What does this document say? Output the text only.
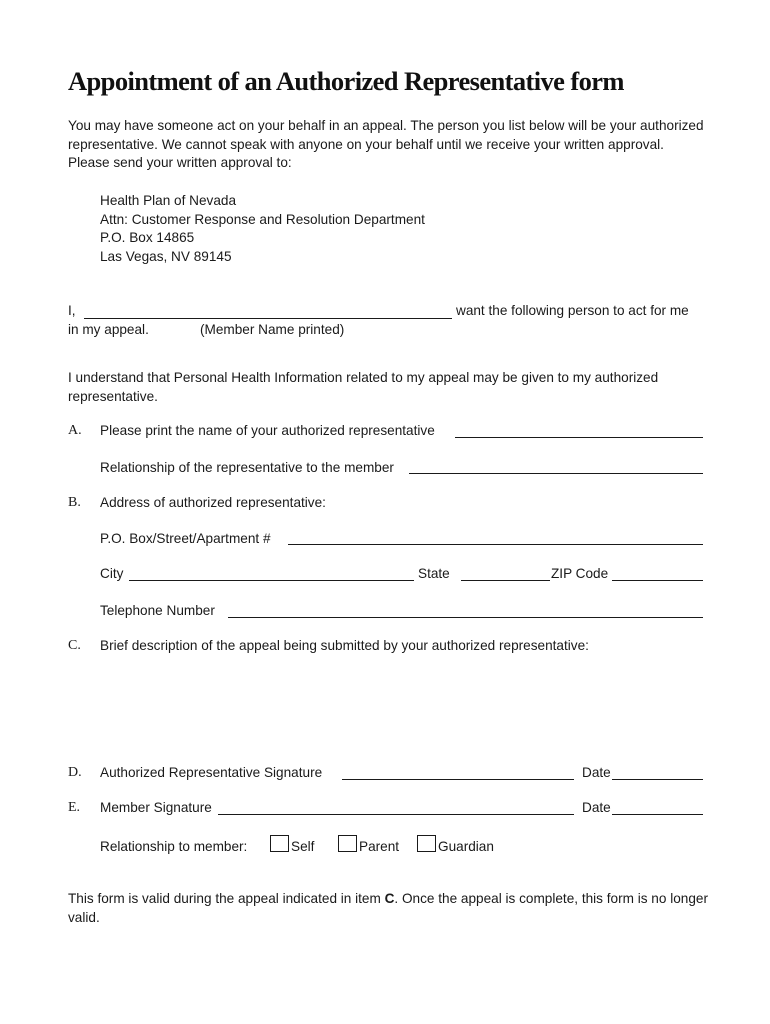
Appointment of an Authorized Representative form

You may have someone act on your behalf in an appeal. The person you list below will be your authorized representative. We cannot speak with anyone on your behalf until we receive your written approval. Please send your written approval to:

Health Plan of Nevada
Attn: Customer Response and Resolution Department
P.O. Box 14865
Las Vegas, NV 89145
I,	want the following person to act for me
in my appeal.	(Member Name printed)

I understand that Personal Health Information related to my appeal may be given to my authorized representative.

A. Please print the name of your authorized representative
Relationship of the representative to the member
B. Address of authorized representative:
P.O. Box/Street/Apartment #
City	State	ZIP Code
Telephone Number
C. Brief description of the appeal being submitted by your authorized representative:
D. Authorized Representative Signature	Date
E. Member Signature	Date
Relationship to member:	Self	Parent	Guardian

This form is valid during the appeal indicated in item C. Once the appeal is complete, this form is no longer valid.
